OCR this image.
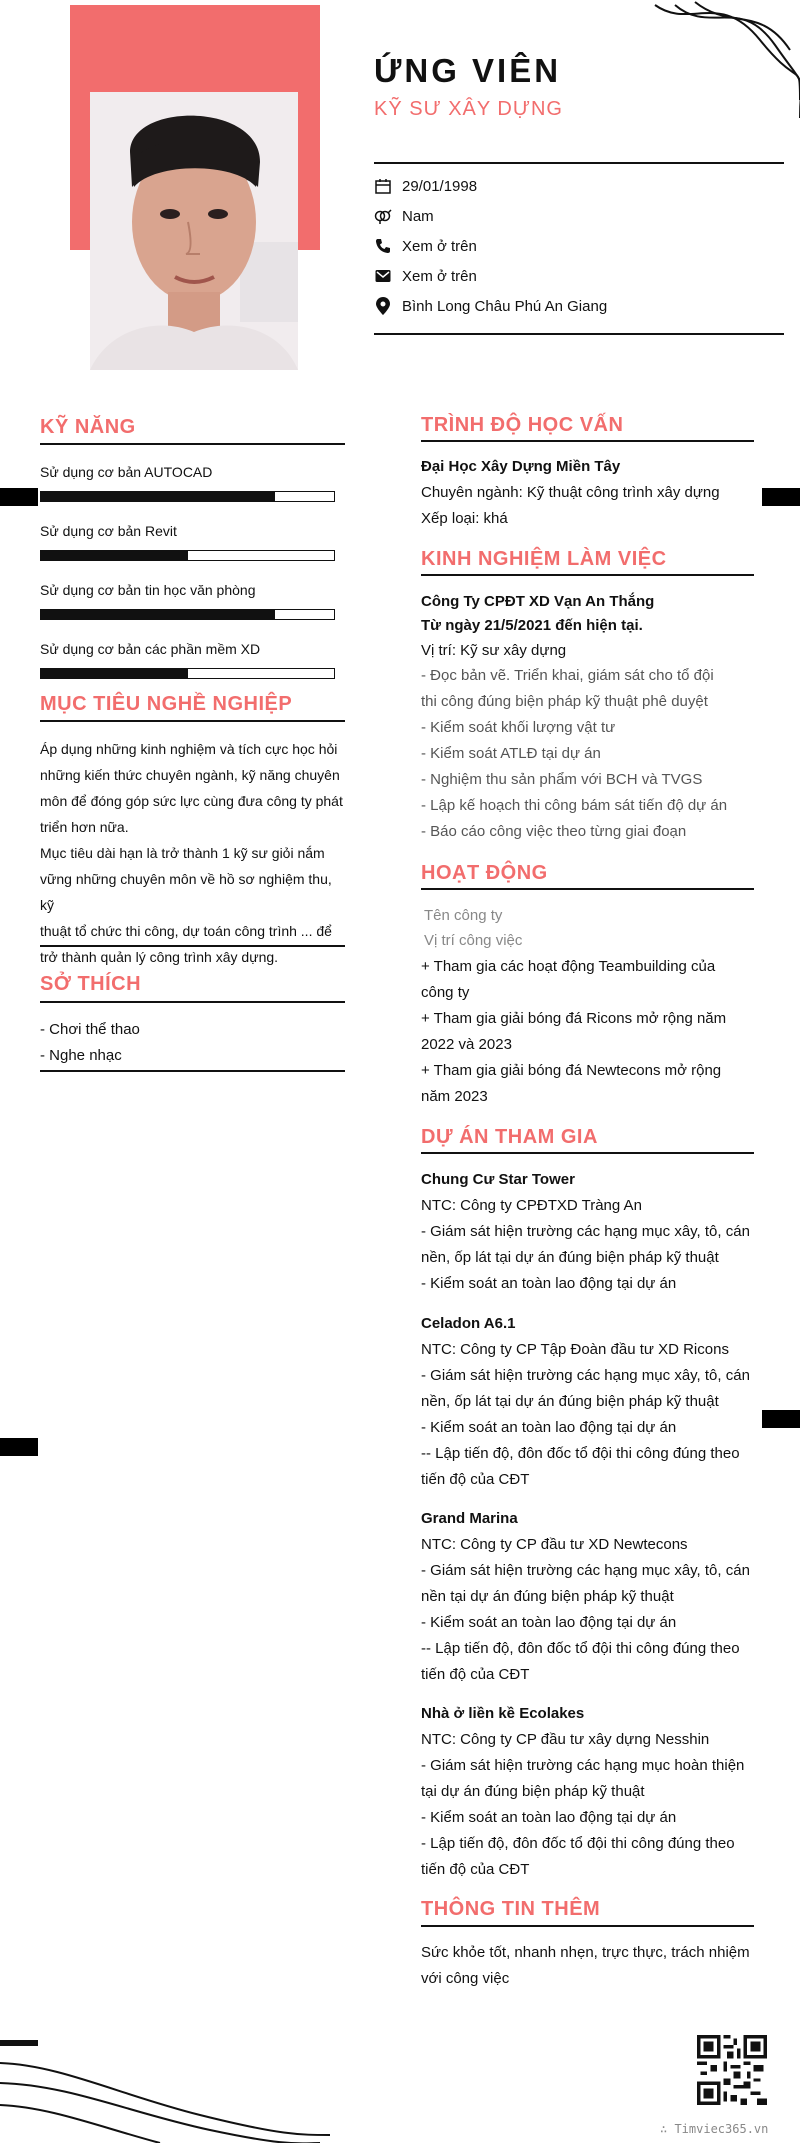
ỨNG VIÊN
KỸ SƯ XÂY DỰNG
29/01/1998
Nam
Xem ở trên
Xem ở trên
Bình Long Châu Phú An Giang
KỸ NĂNG
Sử dụng cơ bản AUTOCAD
Sử dụng cơ bản Revit
Sử dụng cơ bản tin học văn phòng
Sử dụng cơ bản các phần mềm XD
MỤC TIÊU NGHỀ NGHIỆP
Áp dụng những kinh nghiệm và tích cực học hỏi
những kiến thức chuyên ngành, kỹ năng chuyên
môn để đóng góp sức lực cùng đưa công ty phát
triển hơn nữa.
Mục tiêu dài hạn là trở thành 1 kỹ sư giỏi nắm
vững những chuyên môn về hồ sơ nghiệm thu, kỹ
thuật tổ chức thi công, dự toán công trình ... để
trở thành quản lý công trình xây dựng.
SỞ THÍCH
- Chơi thể thao
- Nghe nhạc
TRÌNH ĐỘ HỌC VẤN
Đại Học Xây Dựng Miền Tây
Chuyên ngành: Kỹ thuật công trình xây dựng
Xếp loại: khá
KINH NGHIỆM LÀM VIỆC
Công Ty CPĐT XD Vạn An Thắng
Từ ngày 21/5/2021 đến hiện tại.
Vị trí: Kỹ sư xây dựng
- Đọc bản vẽ. Triển khai, giám sát cho tổ đội
thi công đúng biện pháp kỹ thuật phê duyệt
- Kiểm soát khối lượng vật tư
- Kiểm soát ATLĐ tại dự án
- Nghiệm thu sản phẩm với BCH và TVGS
- Lập kế hoạch thi công bám sát tiến độ dự án
- Báo cáo công việc theo từng giai đoạn
HOẠT ĐỘNG
Tên công ty
Vị trí công việc
+ Tham gia các hoạt động Teambuilding của
công ty
+ Tham gia giải bóng đá Ricons mở rộng năm
2022 và 2023
+ Tham gia giải bóng đá Newtecons mở rộng
năm 2023
DỰ ÁN THAM GIA
Chung Cư Star Tower
NTC: Công ty CPĐTXD Tràng An
- Giám sát hiện trường các hạng mục xây, tô, cán
nền, ốp lát tại dự án đúng biện pháp kỹ thuật
- Kiểm soát an toàn lao động tại dự án
Celadon A6.1
NTC: Công ty CP Tập Đoàn đầu tư XD Ricons
- Giám sát hiện trường các hạng mục xây, tô, cán
nền, ốp lát tại dự án đúng biện pháp kỹ thuật
- Kiểm soát an toàn lao động tại dự án
-- Lập tiến độ, đôn đốc tổ đội thi công đúng theo
tiến độ của CĐT
Grand Marina
NTC: Công ty CP đầu tư XD Newtecons
- Giám sát hiện trường các hạng mục xây, tô, cán
nền tại dự án đúng biện pháp kỹ thuật
- Kiểm soát an toàn lao động tại dự án
-- Lập tiến độ, đôn đốc tổ đội thi công đúng theo
tiến độ của CĐT
Nhà ở liền kề Ecolakes
NTC: Công ty CP đầu tư xây dựng Nesshin
- Giám sát hiện trường các hạng mục hoàn thiện
tại dự án đúng biện pháp kỹ thuật
- Kiểm soát an toàn lao động tại dự án
- Lập tiến độ, đôn đốc tổ đội thi công đúng theo
tiến độ của CĐT
THÔNG TIN THÊM
Sức khỏe tốt, nhanh nhẹn, trực thực, trách nhiệm
với công việc
∴ Timviec365.vn
